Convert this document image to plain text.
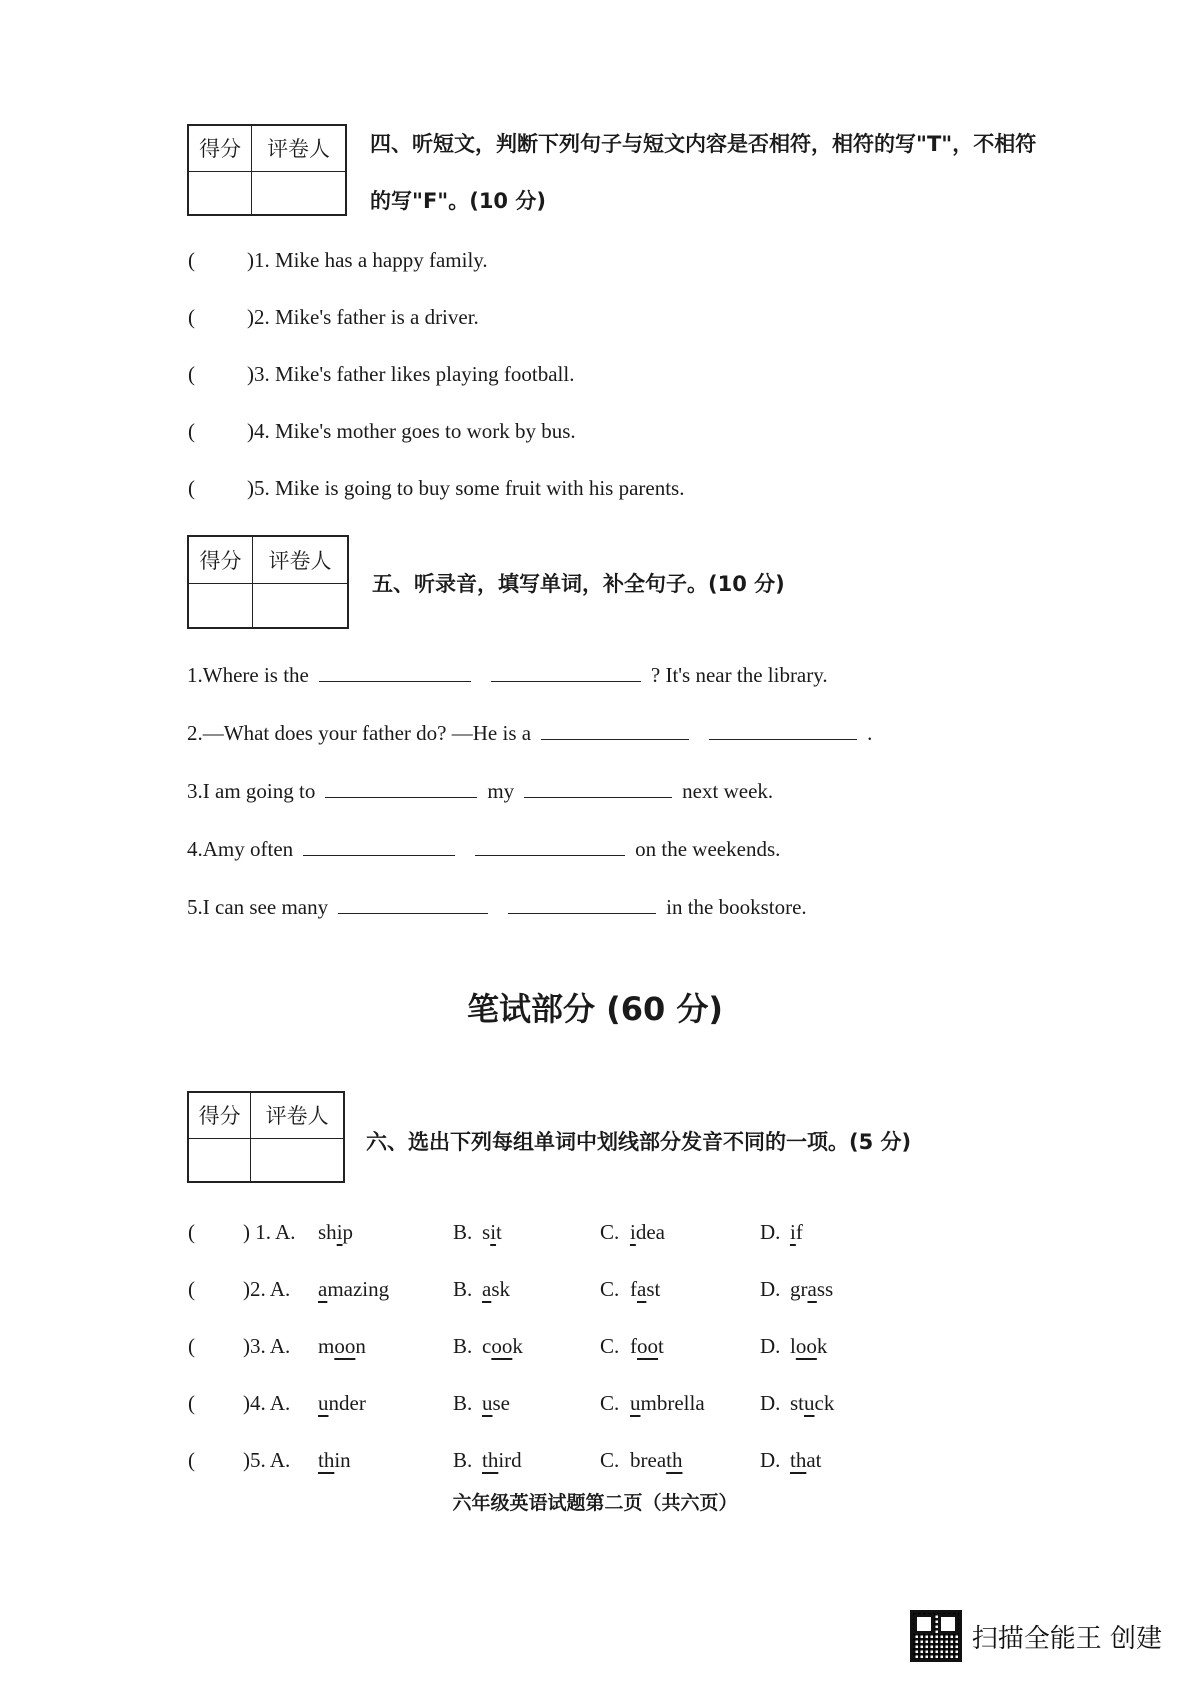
得分	评卷人
	四、听短文，判断下列句子与短文内容是否相符，相符的写"T"，不相符
的写"F"。(10 分)
( )1. Mike has a happy family.
( )2. Mike's father is a driver.
( )3. Mike's father likes playing football.
( )4. Mike's mother goes to work by bus.
( )5. Mike is going to buy some fruit with his parents.
得分	评卷人

五、听录音，填写单词，补全句子。(10 分)
1.Where is the	? It's near the library.
2.—What does your father do? —He is a	.
3.I am going to	my	next week.
4.Amy often	on the weekends.
5.I can see many	in the bookstore.
笔试部分 (60 分)
得分	评卷人

六、选出下列每组单词中划线部分发音不同的一项。(5 分)
( ) 1. A. ship	B. sit	C. idea	D. if
( )2. A. amazing	B. ask	C. fast	D. grass
( )3. A. moon	B. cook	C. foot	D. look
( )4. A. under	B. use	C. umbrella	D. stuck
( )5. A. thin	B. third	C. breath	D. that
六年级英语试题第二页（共六页）
扫描全能王 创建
